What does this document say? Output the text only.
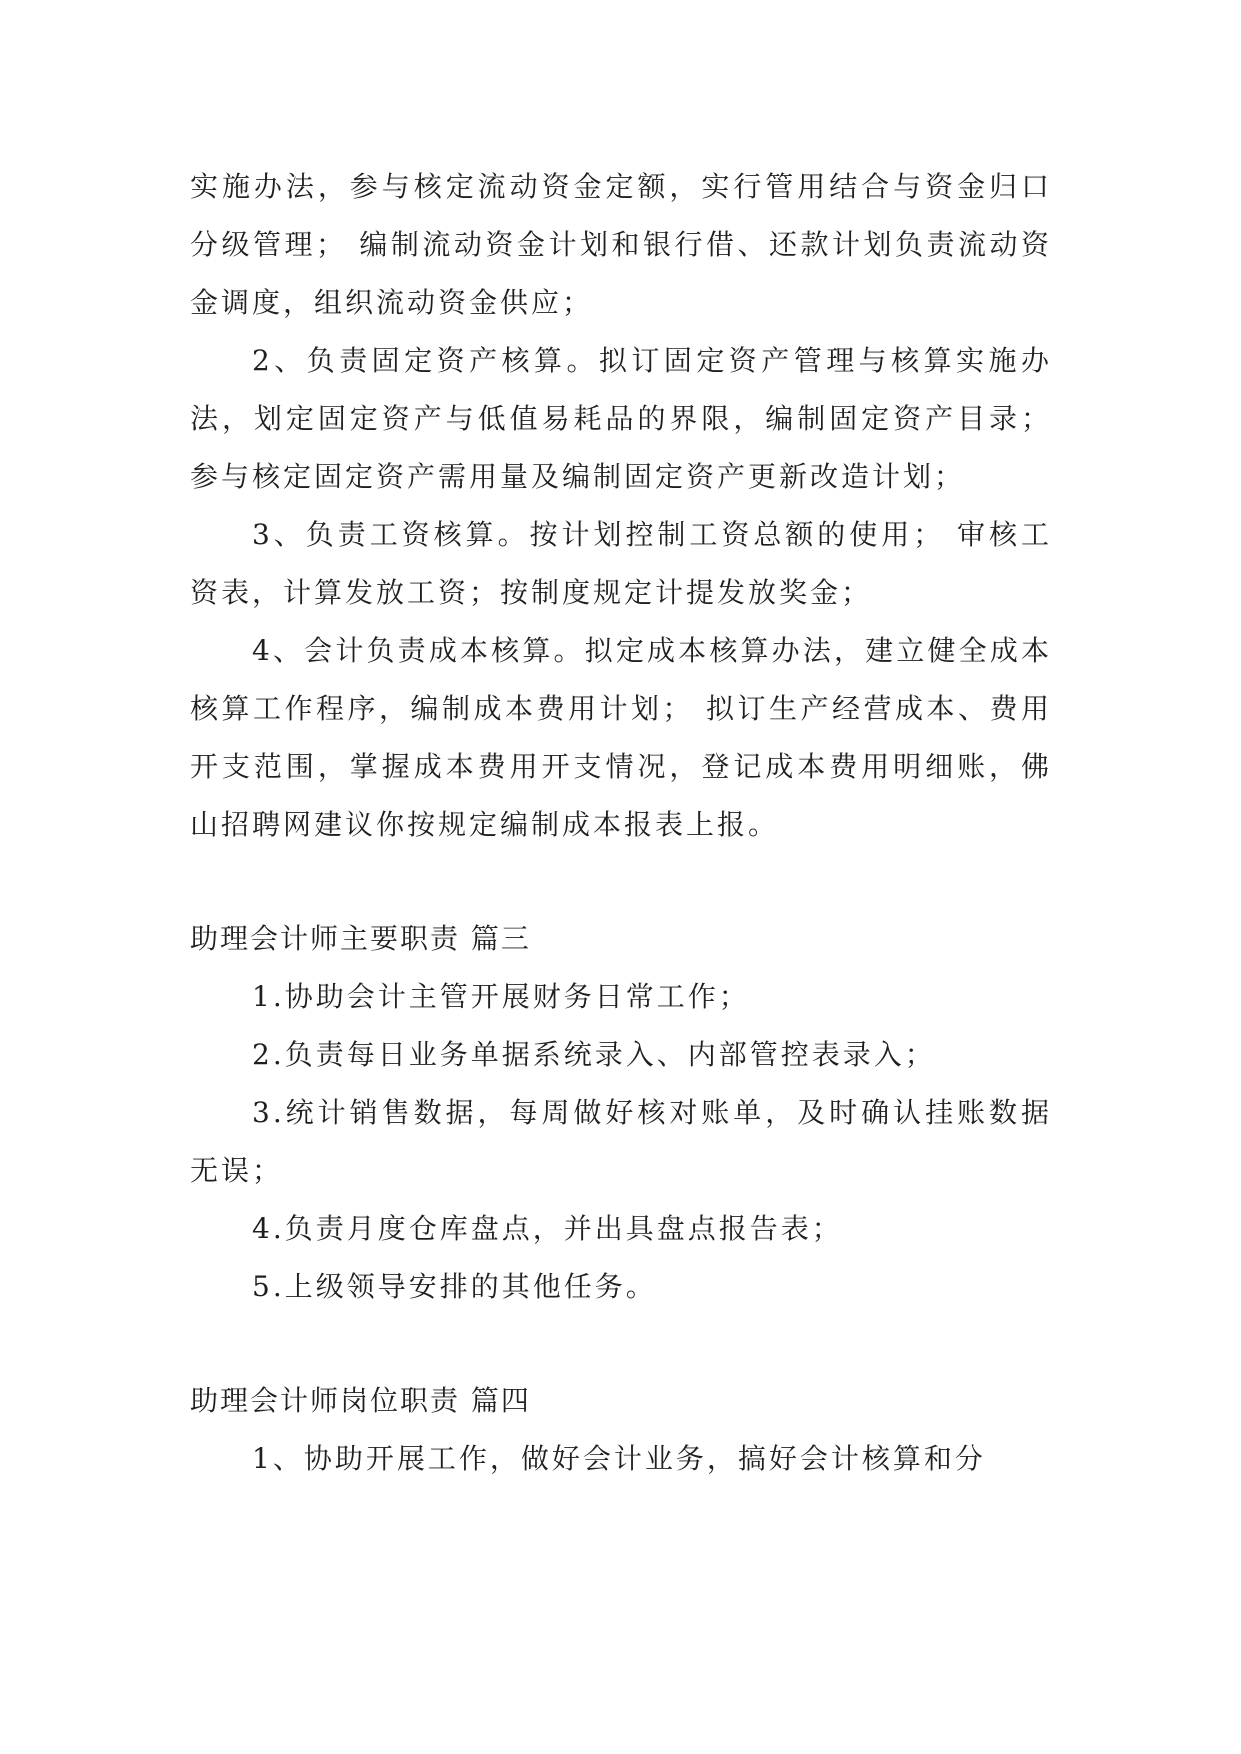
实施办法，参与核定流动资金定额，实行管用结合与资金归口分级管理； 编制流动资金计划和银行借、还款计划负责流动资金调度，组织流动资金供应；

2、负责固定资产核算。拟订固定资产管理与核算实施办法，划定固定资产与低值易耗品的界限，编制固定资产目录； 参与核定固定资产需用量及编制固定资产更新改造计划；

3、负责工资核算。按计划控制工资总额的使用； 审核工资表，计算发放工资；按制度规定计提发放奖金；

4、会计负责成本核算。拟定成本核算办法，建立健全成本核算工作程序，编制成本费用计划； 拟订生产经营成本、费用开支范围，掌握成本费用开支情况，登记成本费用明细账，佛山招聘网建议你按规定编制成本报表上报。

助理会计师主要职责 篇三

1.协助会计主管开展财务日常工作；

2.负责每日业务单据系统录入、内部管控表录入；

3.统计销售数据，每周做好核对账单，及时确认挂账数据无误；

4.负责月度仓库盘点，并出具盘点报告表；

5.上级领导安排的其他任务。

助理会计师岗位职责 篇四

1、协助开展工作，做好会计业务，搞好会计核算和分
